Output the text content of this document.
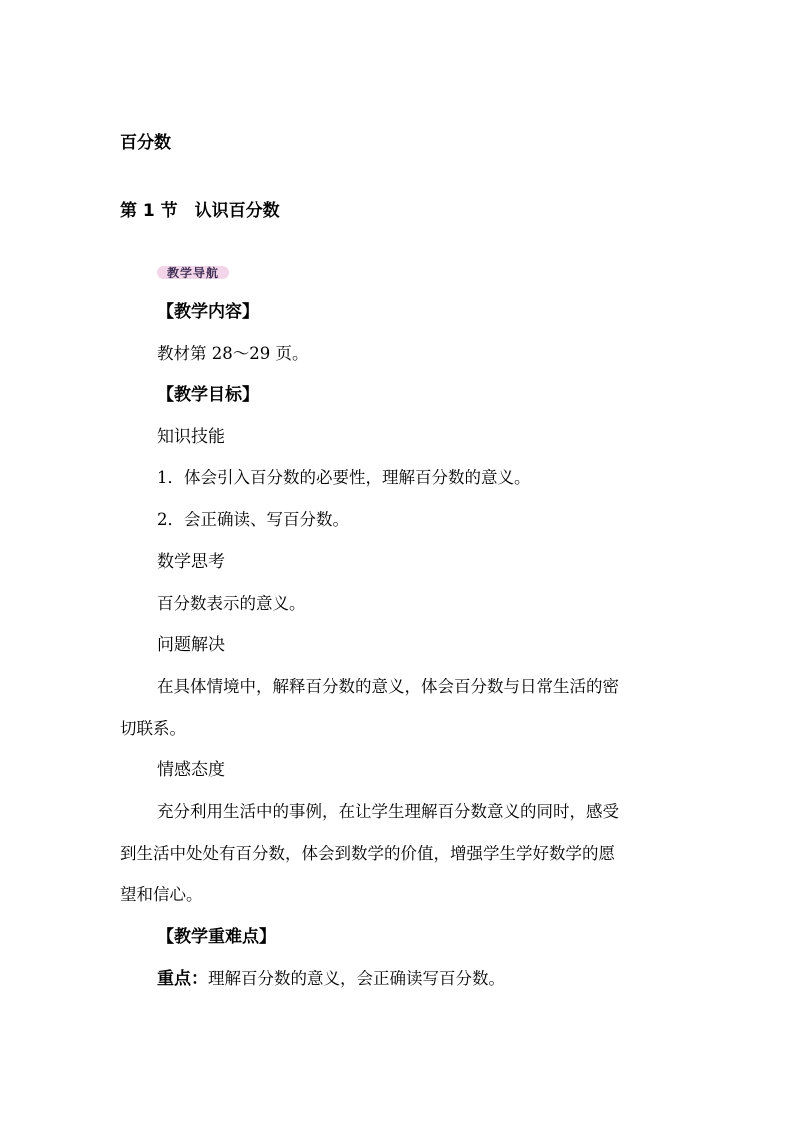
百分数
第 1 节　认识百分数
教学导航
【教学内容】
教材第 28～29 页。
【教学目标】
知识技能
1．体会引入百分数的必要性，理解百分数的意义。
2．会正确读、写百分数。
数学思考
百分数表示的意义。
问题解决
在具体情境中，解释百分数的意义，体会百分数与日常生活的密
切联系。
情感态度
充分利用生活中的事例，在让学生理解百分数意义的同时，感受
到生活中处处有百分数，体会到数学的价值，增强学生学好数学的愿
望和信心。
【教学重难点】
重点：理解百分数的意义，会正确读写百分数。
